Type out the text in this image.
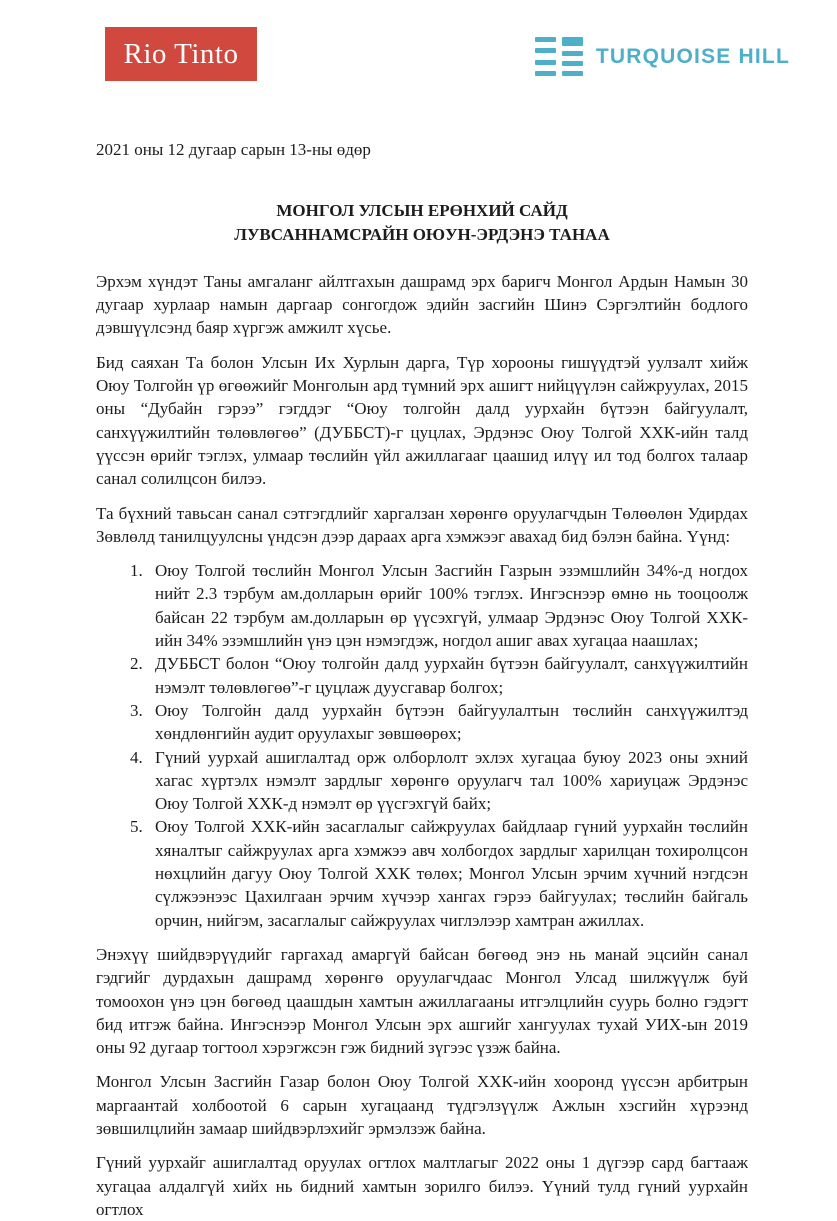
Rio Tinto	TURQUOISE HILL
2021 оны 12 дугаар сарын 13-ны өдөр
МОНГОЛ УЛСЫН ЕРӨНХИЙ САЙД
ЛУВСАННАМСРАЙН ОЮУН-ЭРДЭНЭ ТАНАА

Эрхэм хүндэт Таны амгаланг айлтгахын дашрамд эрх баригч Монгол Ардын Намын 30 дугаар хурлаар намын даргаар сонгогдож эдийн засгийн Шинэ Сэргэлтийн бодлого дэвшүүлсэнд баяр хүргэж амжилт хүсье.

Бид саяхан Та болон Улсын Их Хурлын дарга, Түр хорооны гишүүдтэй уулзалт хийж Оюу Толгойн үр өгөөжийг Монголын ард түмний эрх ашигт нийцүүлэн сайжруулах, 2015 оны “Дубайн гэрээ” гэгддэг “Оюу толгойн далд уурхайн бүтээн байгуулалт, санхүүжилтийн төлөвлөгөө” (ДУББСТ)-г цуцлах, Эрдэнэс Оюу Толгой ХХК-ийн талд үүссэн өрийг тэглэх, улмаар төслийн үйл ажиллагааг цаашид илүү ил тод болгох талаар санал солилцсон билээ.

Та бүхний тавьсан санал сэтгэгдлийг харгалзан хөрөнгө оруулагчдын Төлөөлөн Удирдах Зөвлөлд танилцуулсны үндсэн дээр дараах арга хэмжээг авахад бид бэлэн байна. Үүнд:

1. Оюу Толгой төслийн Монгол Улсын Засгийн Газрын эзэмшлийн 34%-д ногдох нийт 2.3 тэрбум ам.долларын өрийг 100% тэглэх. Ингэснээр өмнө нь тооцоолж байсан 22 тэрбум ам.долларын өр үүсэхгүй, улмаар Эрдэнэс Оюу Толгой ХХК-ийн 34% эзэмшлийн үнэ цэн нэмэгдэж, ногдол ашиг авах хугацаа наашлах;
2. ДУББСТ болон “Оюу толгойн далд уурхайн бүтээн байгуулалт, санхүүжилтийн нэмэлт төлөвлөгөө”-г цуцлаж дуусгавар болгох;
3. Оюу Толгойн далд уурхайн бүтээн байгуулалтын төслийн санхүүжилтэд хөндлөнгийн аудит оруулахыг зөвшөөрөх;
4. Гүний уурхай ашиглалтад орж олборлолт эхлэх хугацаа буюу 2023 оны эхний хагас хүртэлх нэмэлт зардлыг хөрөнгө оруулагч тал 100% хариуцаж Эрдэнэс Оюу Толгой ХХК-д нэмэлт өр үүсгэхгүй байх;
5. Оюу Толгой ХХК-ийн засаглалыг сайжруулах байдлаар гүний уурхайн төслийн хяналтыг сайжруулах арга хэмжээ авч холбогдох зардлыг харилцан тохиролцсон нөхцлийн дагуу Оюу Толгой ХХК төлөх; Монгол Улсын эрчим хүчний нэгдсэн сүлжээнээс Цахилгаан эрчим хүчээр хангах гэрээ байгуулах; төслийн байгаль орчин, нийгэм, засаглалыг сайжруулах чиглэлээр хамтран ажиллах.

Энэхүү шийдвэрүүдийг гаргахад амаргүй байсан бөгөөд энэ нь манай эцсийн санал гэдгийг дурдахын дашрамд хөрөнгө оруулагчдаас Монгол Улсад шилжүүлж буй томоохон үнэ цэн бөгөөд цаашдын хамтын ажиллагааны итгэлцлийн суурь болно гэдэгт бид итгэж байна. Ингэснээр Монгол Улсын эрх ашгийг хангуулах тухай УИХ-ын 2019 оны 92 дугаар тогтоол хэрэгжсэн гэж бидний зүгээс үзэж байна.

Монгол Улсын Засгийн Газар болон Оюу Толгой ХХК-ийн хооронд үүссэн арбитрын маргаантай холбоотой 6 сарын хугацаанд түдгэлзүүлж Ажлын хэсгийн хүрээнд зөвшилцлийн замаар шийдвэрлэхийг эрмэлзэж байна.

Гүний уурхайг ашиглалтад оруулах огтлох малтлагыг 2022 оны 1 дүгээр сард багтааж хугацаа алдалгүй хийх нь бидний хамтын зорилго билээ. Үүний тулд гүний уурхайн огтлох
